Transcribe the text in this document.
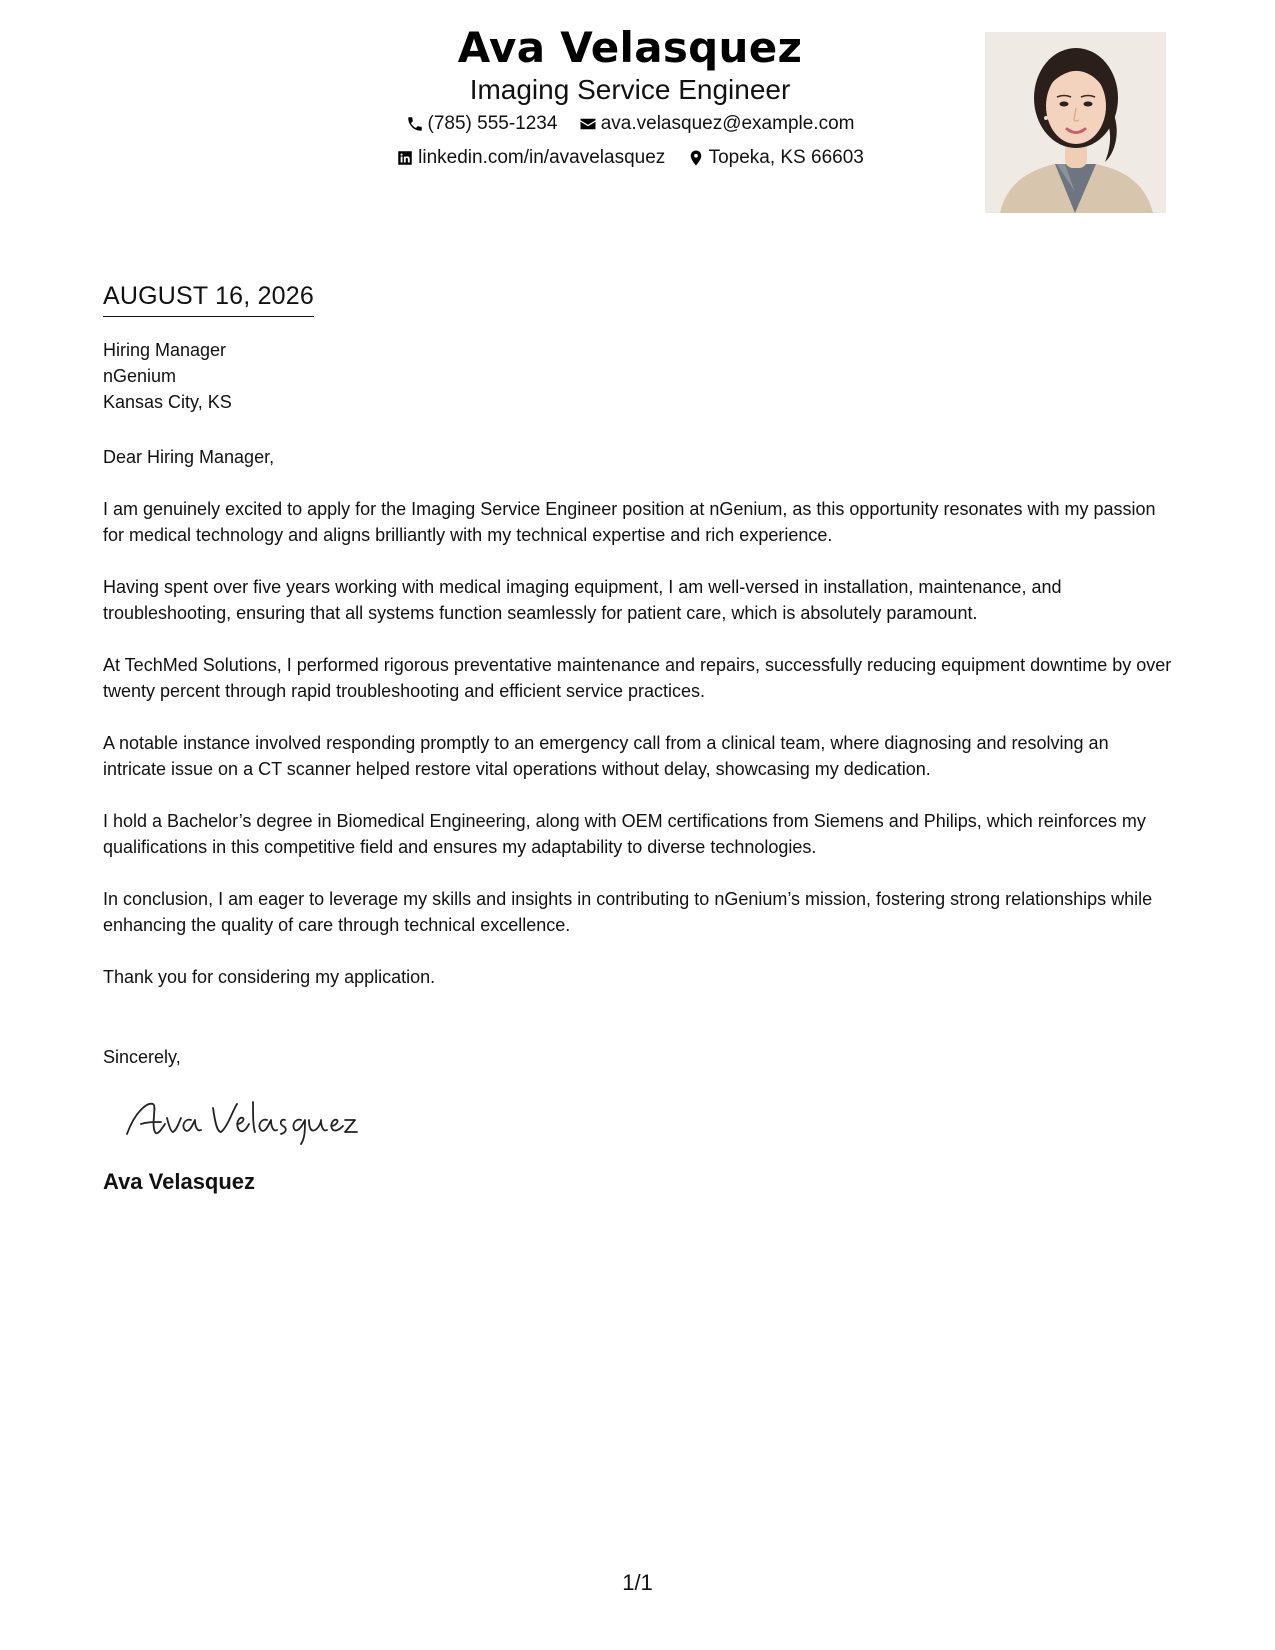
Ava Velasquez
Imaging Service Engineer
(785) 555-1234
ava.velasquez@example.com
linkedin.com/in/avavelasquez
Topeka, KS 66603
AUGUST 16, 2026
Hiring Manager
nGenium
Kansas City, KS
Dear Hiring Manager,
I am genuinely excited to apply for the Imaging Service Engineer position at nGenium, as this opportunity resonates with my passion for medical technology and aligns brilliantly with my technical expertise and rich experience.
Having spent over five years working with medical imaging equipment, I am well-versed in installation, maintenance, and troubleshooting, ensuring that all systems function seamlessly for patient care, which is absolutely paramount.
At TechMed Solutions, I performed rigorous preventative maintenance and repairs, successfully reducing equipment downtime by over twenty percent through rapid troubleshooting and efficient service practices.
A notable instance involved responding promptly to an emergency call from a clinical team, where diagnosing and resolving an intricate issue on a CT scanner helped restore vital operations without delay, showcasing my dedication.
I hold a Bachelor’s degree in Biomedical Engineering, along with OEM certifications from Siemens and Philips, which reinforces my qualifications in this competitive field and ensures my adaptability to diverse technologies.
In conclusion, I am eager to leverage my skills and insights in contributing to nGenium’s mission, fostering strong relationships while enhancing the quality of care through technical excellence.
Thank you for considering my application.
Sincerely,
Ava Velasquez
1/1
